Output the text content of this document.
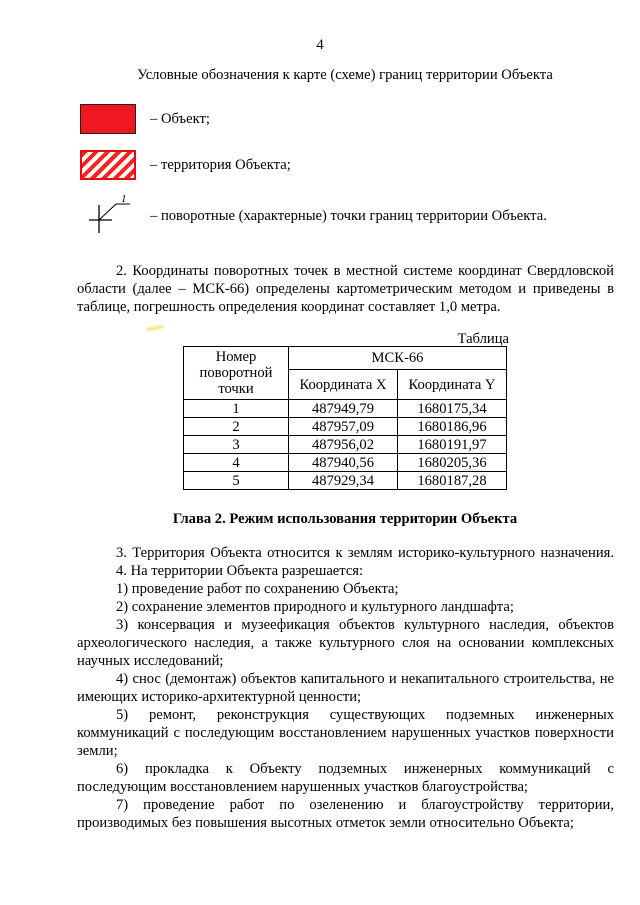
4
Условные обозначения к карте (схеме) границ территории Объекта
– Объект;
– территория Объекта;
1
– поворотные (характерные) точки границ территории Объекта.

2. Координаты поворотных точек в местной системе координат Свердловской области (далее – МСК-66) определены картометрическим методом и приведены в таблице, погрешность определения координат составляет 1,0 метра.

Таблица
Номер поворотной точки	МСК-66	
	Координата X	Координата Y
1	487949,79	1680175,34
2	487957,09	1680186,96
3	487956,02	1680191,97
4	487940,56	1680205,36
5	487929,34	1680187,28
Глава 2. Режим использования территории Объекта

3. Территория Объекта относится к землям историко-культурного назначения.

4. На территории Объекта разрешается:

1) проведение работ по сохранению Объекта;

2) сохранение элементов природного и культурного ландшафта;

3) консервация и музеефикация объектов культурного наследия, объектов археологического наследия, а также культурного слоя на основании комплексных научных исследований;

4) снос (демонтаж) объектов капитального и некапитального строительства, не имеющих историко-архитектурной ценности;

5) ремонт, реконструкция существующих подземных инженерных коммуникаций с последующим восстановлением нарушенных участков поверхности земли;

6) прокладка к Объекту подземных инженерных коммуникаций с последующим восстановлением нарушенных участков благоустройства;

7) проведение работ по озеленению и благоустройству территории, производимых без повышения высотных отметок земли относительно Объекта;
